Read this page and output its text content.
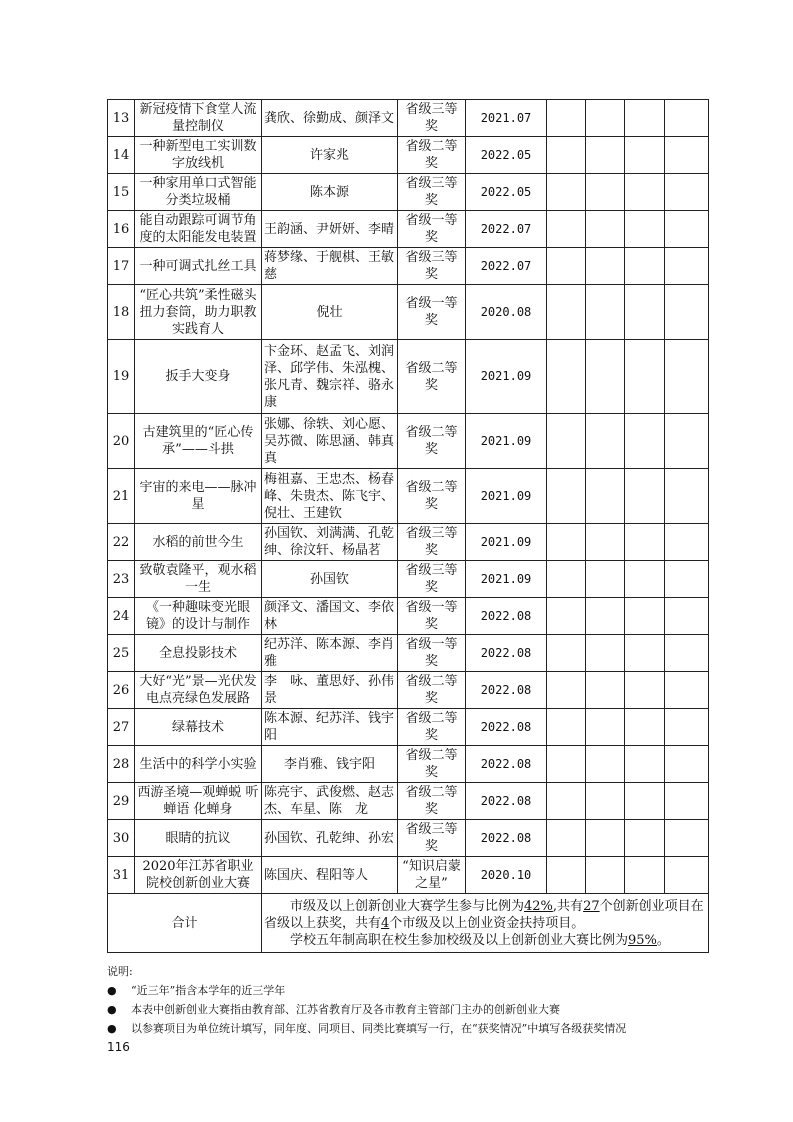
13	新冠疫情下食堂人流量控制仪	龚欣、徐勤成、颜泽文	省级三等奖	2021.07				
14	一种新型电工实训数字放线机	许家兆	省级二等奖	2022.05				
15	一种家用单口式智能分类垃圾桶	陈本源	省级三等奖	2022.05				
16	能自动跟踪可调节角度的太阳能发电装置	王韵涵、尹妍妍、李晴	省级一等奖	2022.07				
17	一种可调式扎丝工具	蒋梦缘、于舰棋、王敏慈	省级三等奖	2022.07				
18	“匠心共筑”柔性磁头扭力套筒，助力职教实践育人	倪壮	省级一等奖	2020.08				
19	扳手大变身	卞金环、赵孟飞、刘润泽、邱学伟、朱泓槐、张凡青、魏宗祥、骆永康	省级二等奖	2021.09				
20	古建筑里的“匠心传承”——斗拱	张娜、徐轶、刘心愿、吴苏微、陈思涵、韩真真	省级二等奖	2021.09				
21	宇宙的来电——脉冲星	梅祖嘉、王忠杰、杨春峰、朱贵杰、陈飞宇、倪壮、王建钦	省级二等奖	2021.09				
22	水稻的前世今生	孙国钦、刘满满、孔乾绅、徐汶轩、杨晶茗	省级三等奖	2021.09				
23	致敬袁隆平，观水稻一生	孙国钦	省级三等奖	2021.09				
24	《一种趣味变光眼镜》的设计与制作	颜泽文、潘国文、李依林	省级一等奖	2022.08				
25	全息投影技术	纪苏洋、陈本源、李肖雅	省级一等奖	2022.08				
26	大好“光”景—光伏发电点亮绿色发展路	李　咏、董思妤、孙伟景	省级二等奖	2022.08				
27	绿幕技术	陈本源、纪苏洋、钱宇阳	省级二等奖	2022.08				
28	生活中的科学小实验	李肖雅、钱宇阳	省级二等奖	2022.08				
29	西游圣境—观蝉蜕 听蝉语 化蝉身	陈亮宇、武俊燃、赵志杰、车星、陈　龙	省级二等奖	2022.08				
30	眼睛的抗议	孙国钦、孔乾绅、孙宏	省级三等奖	2022.08				
31	2020年江苏省职业院校创新创业大赛	陈国庆、程阳等人	“知识启蒙之星”	2020.10				
合计		市级及以上创新创业大赛学生参与比例为42%,共有27个创新创业项目在省级以上获奖，共有4个市级及以上创业资金扶持项目。
学校五年制高职在校生参加校级及以上创新创业大赛比例为95%。						
说明:
●	“近三年”指含本学年的近三学年
●	本表中创新创业大赛指由教育部、江苏省教育厅及各市教育主管部门主办的创新创业大赛
●	以参赛项目为单位统计填写，同年度、同项目、同类比赛填写一行，在“获奖情况”中填写各级获奖情况
116
